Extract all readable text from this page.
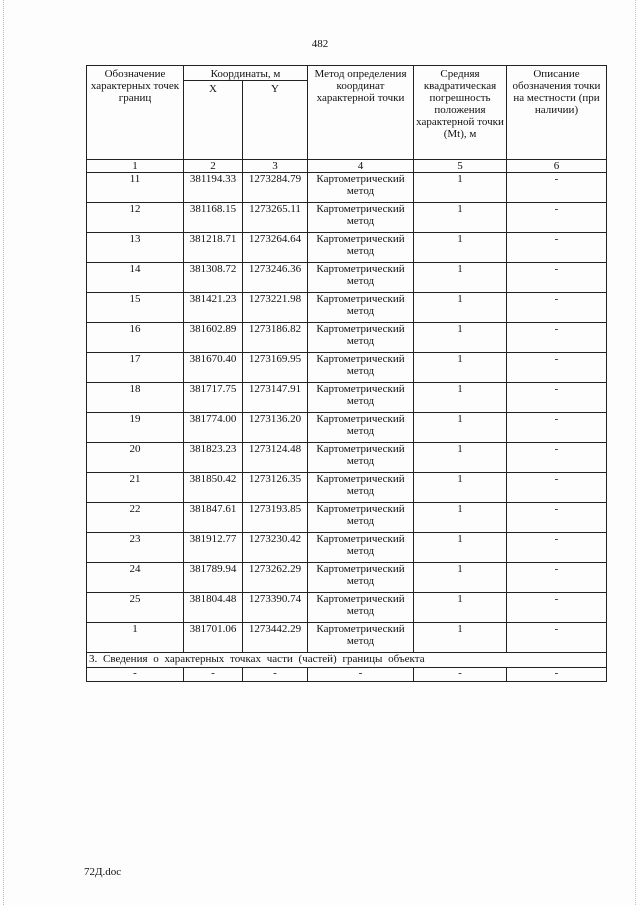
482
Обозначение характерных точек границ	Координаты, м		Метод определения координат характерной точки	Средняя квадратическая погрешность положения характерной точки (Mt), м	Описание обозначения точки на местности (при наличии)
	X	Y			
1	2	3	4	5	6
11	381194.33	1273284.79	Картометрический метод	1	-
12	381168.15	1273265.11	Картометрический метод	1	-
13	381218.71	1273264.64	Картометрический метод	1	-
14	381308.72	1273246.36	Картометрический метод	1	-
15	381421.23	1273221.98	Картометрический метод	1	-
16	381602.89	1273186.82	Картометрический метод	1	-
17	381670.40	1273169.95	Картометрический метод	1	-
18	381717.75	1273147.91	Картометрический метод	1	-
19	381774.00	1273136.20	Картометрический метод	1	-
20	381823.23	1273124.48	Картометрический метод	1	-
21	381850.42	1273126.35	Картометрический метод	1	-
22	381847.61	1273193.85	Картометрический метод	1	-
23	381912.77	1273230.42	Картометрический метод	1	-
24	381789.94	1273262.29	Картометрический метод	1	-
25	381804.48	1273390.74	Картометрический метод	1	-
1	381701.06	1273442.29	Картометрический метод	1	-
3. Сведения о характерных точках части (частей) границы объекта					
-	-	-	-	-	-
72Д.doc
